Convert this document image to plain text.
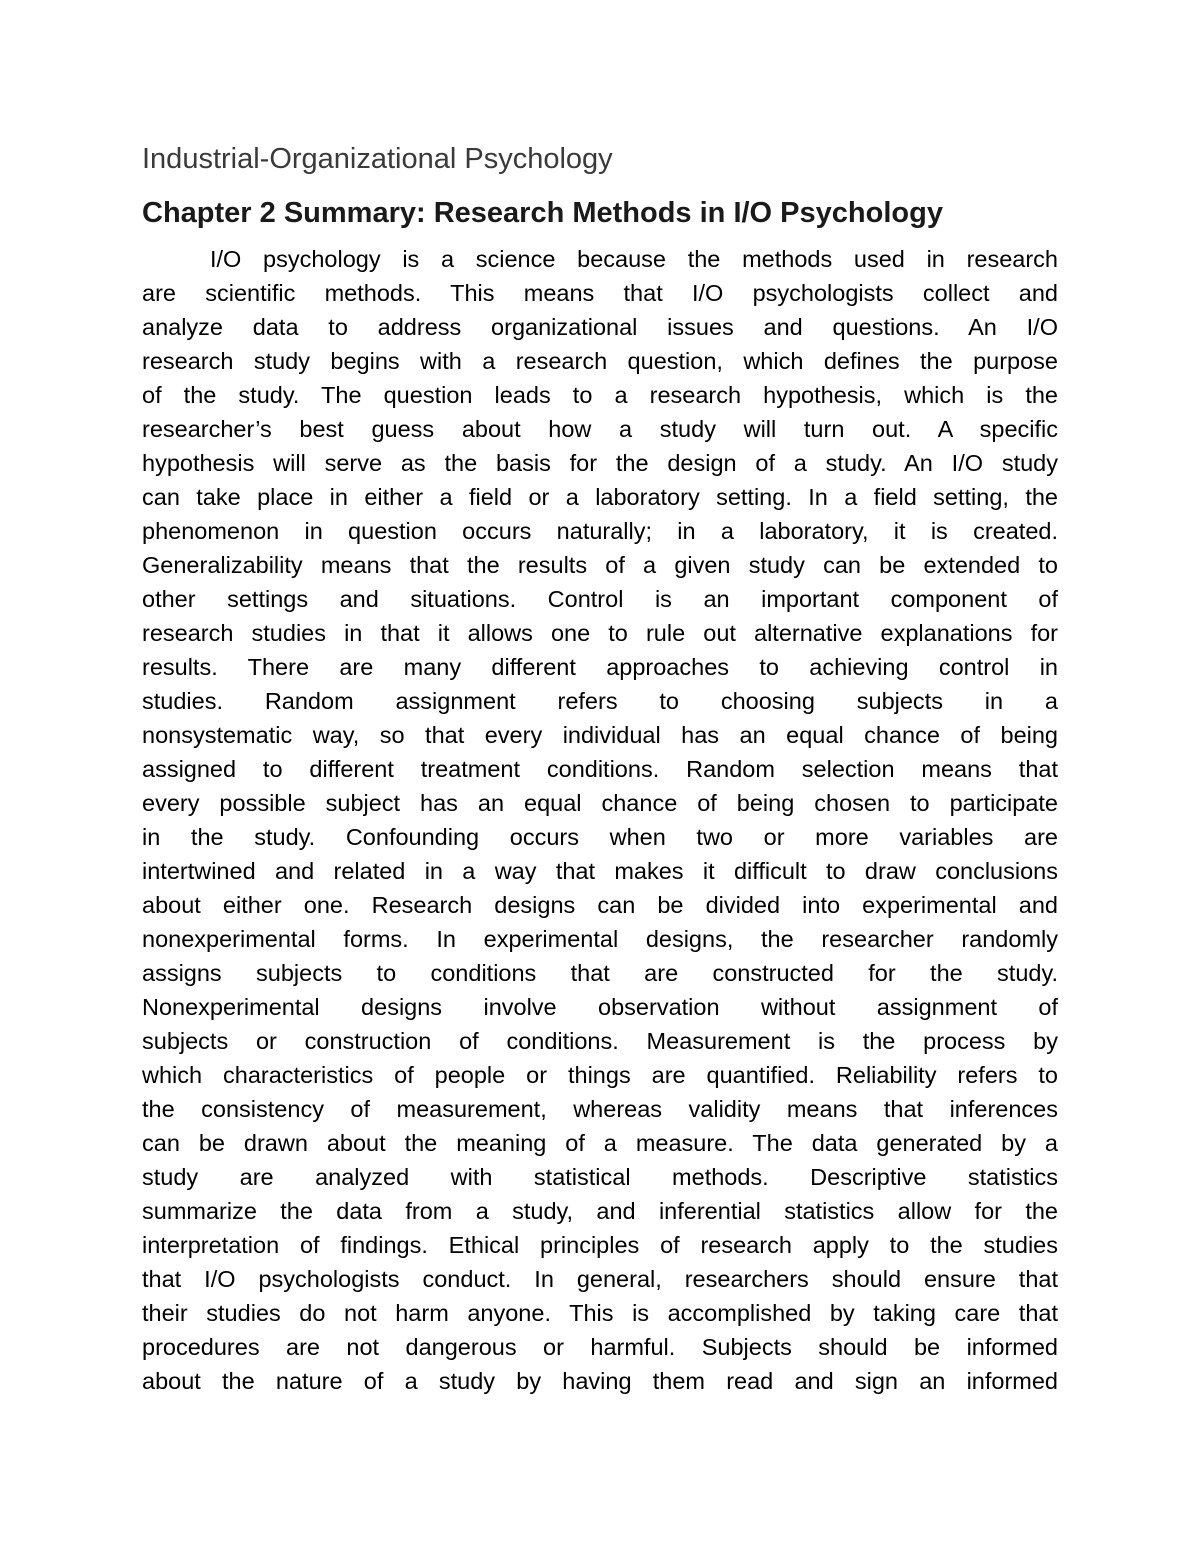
Industrial-Organizational Psychology
Chapter 2 Summary: Research Methods in I/O Psychology

I/O psychology is a science because the methods used in research
are scientific methods. This means that I/O psychologists collect and
analyze data to address organizational issues and questions. An I/O
research study begins with a research question, which defines the purpose
of the study. The question leads to a research hypothesis, which is the
researcher’s best guess about how a study will turn out. A specific
hypothesis will serve as the basis for the design of a study. An I/O study
can take place in either a field or a laboratory setting. In a field setting, the
phenomenon in question occurs naturally; in a laboratory, it is created.
Generalizability means that the results of a given study can be extended to
other settings and situations. Control is an important component of
research studies in that it allows one to rule out alternative explanations for
results. There are many different approaches to achieving control in
studies. Random assignment refers to choosing subjects in a
nonsystematic way, so that every individual has an equal chance of being
assigned to different treatment conditions. Random selection means that
every possible subject has an equal chance of being chosen to participate
in the study. Confounding occurs when two or more variables are
intertwined and related in a way that makes it difficult to draw conclusions
about either one. Research designs can be divided into experimental and
nonexperimental forms. In experimental designs, the researcher randomly
assigns subjects to conditions that are constructed for the study.
Nonexperimental designs involve observation without assignment of
subjects or construction of conditions. Measurement is the process by
which characteristics of people or things are quantified. Reliability refers to
the consistency of measurement, whereas validity means that inferences
can be drawn about the meaning of a measure. The data generated by a
study are analyzed with statistical methods. Descriptive statistics
summarize the data from a study, and inferential statistics allow for the
interpretation of findings. Ethical principles of research apply to the studies
that I/O psychologists conduct. In general, researchers should ensure that
their studies do not harm anyone. This is accomplished by taking care that
procedures are not dangerous or harmful. Subjects should be informed
about the nature of a study by having them read and sign an informed
